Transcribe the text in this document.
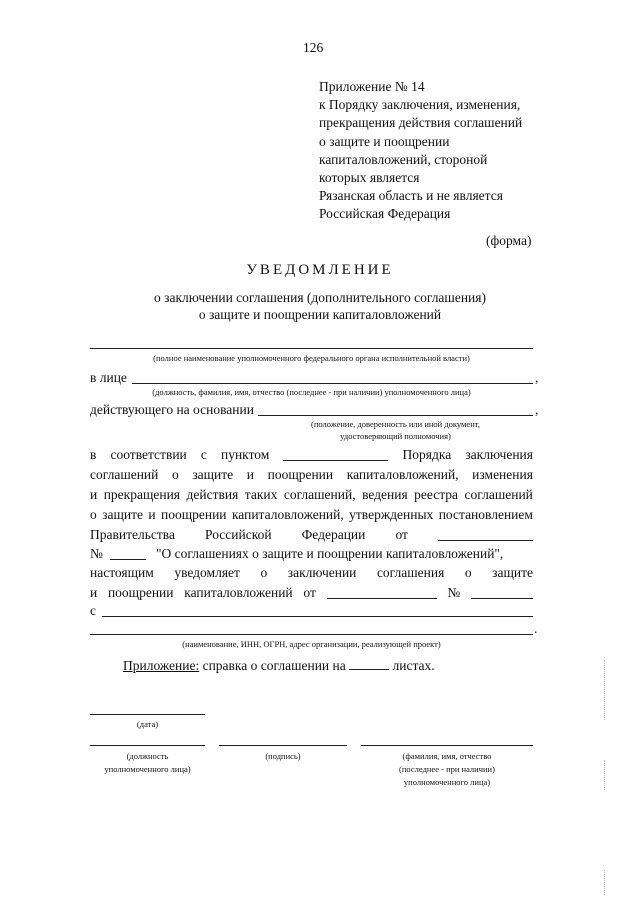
126
Приложение № 14
к Порядку заключения, изменения,
прекращения действия соглашений
о защите и поощрении
капиталовложений, стороной
которых является
Рязанская область и не является
Российская Федерация
(форма)
УВЕДОМЛЕНИЕ
о заключении соглашения (дополнительного соглашения)
о защите и поощрении капиталовложений
(полное наименование уполномоченного федерального органа исполнительной власти)
в лице	,
(должность, фамилия, имя, отчество (последнее - при наличии) уполномоченного лица)
действующего на основании	,
(положение, доверенность или иной документ,
удостоверяющий полномочия)
в соответствии с пунктом	Порядка заключения
соглашений о защите и поощрении капиталовложений, изменения
и прекращения действия таких соглашений, ведения реестра соглашений
о защите и поощрении капиталовложений, утвержденных постановлением
Правительства Российской Федерации от
№	"О соглашениях о защите и поощрении капиталовложений",
настоящим уведомляет о заключении соглашения о защите
и поощрении капиталовложений от	№
с
.
(наименование, ИНН, ОГРН, адрес организации, реализующей проект)
Приложение: справка о соглашении на	листах.
(дата)
(должность
уполномоченного лица)
(подпись)	(фамилия, имя, отчество
(последнее - при наличии)
уполномоченного лица)
